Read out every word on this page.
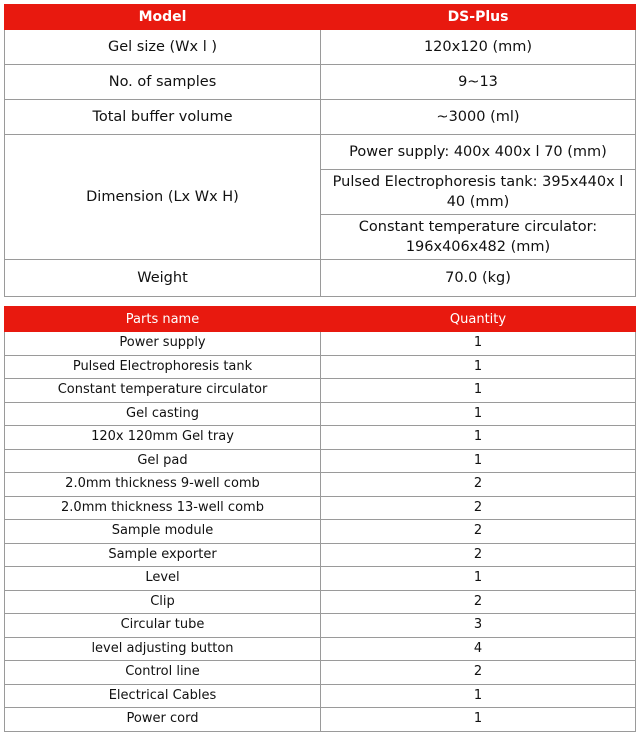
Model	DS-Plus
Gel size (Wx l )	120x120 (mm)
No. of samples	9~13
Total buffer volume	~3000 (ml)
Dimension (Lx Wx H)	Power supply: 400x 400x l 70 (mm)
	Pulsed Electrophoresis tank: 395x440x l 40 (mm)
	Constant temperature circulator: 196x406x482 (mm)
Weight	70.0 (kg)
Parts name	Quantity
Power supply	1
Pulsed Electrophoresis tank	1
Constant temperature circulator	1
Gel casting	1
120x 120mm Gel tray	1
Gel pad	1
2.0mm thickness 9-well comb	2
2.0mm thickness 13-well comb	2
Sample module	2
Sample exporter	2
Level	1
Clip	2
Circular tube	3
level adjusting button	4
Control line	2
Electrical Cables	1
Power cord	1
